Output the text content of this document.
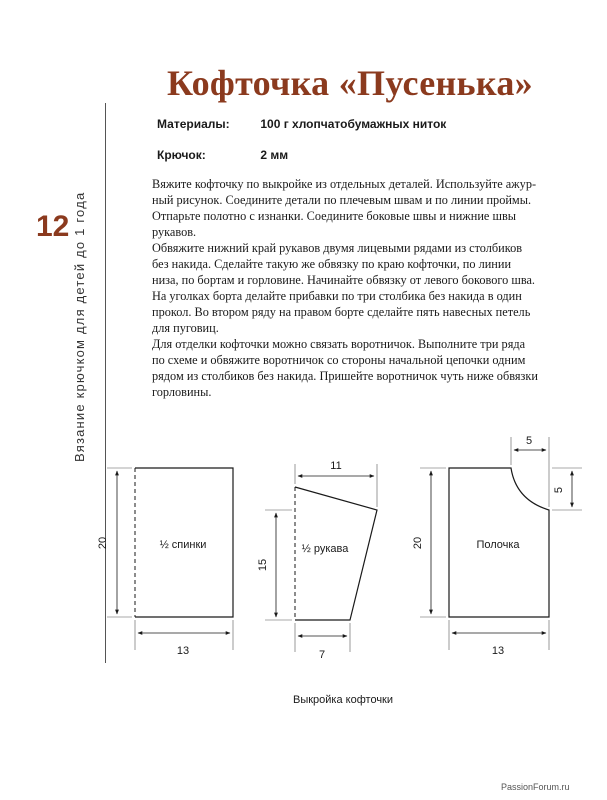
Кофточка «Пусенька»
Вязание крючком для детей до 1 года
12
Материалы:	100 г хлопчатобумажных ниток
Крючок:	2 мм
Вяжите кофточку по выкройке из отдельных деталей. Используйте ажур-
ный рисунок. Соедините детали по плечевым швам и по линии проймы.
Отпарьте полотно с изнанки. Соедините боковые швы и нижние швы
рукавов.
Обвяжите нижний край рукавов двумя лицевыми рядами из столбиков
без накида. Сделайте такую же обвязку по краю кофточки, по линии
низа, по бортам и горловине. Начинайте обвязку от левого бокового шва.
На уголках борта делайте прибавки по три столбика без накида в один
прокол. Во втором ряду на правом борте сделайте пять навесных петель
для пуговиц.
Для отделки кофточки можно связать воротничок. Выполните три ряда
по схеме и обвяжите воротничок со стороны начальной цепочки одним
рядом из столбиков без накида. Пришейте воротничок чуть ниже обвязки
горловины.
20
13
½ спинки
11
15
7
½ рукава
5
5
20
13
Полочка
Выкройка кофточки
PassionForum.ru
